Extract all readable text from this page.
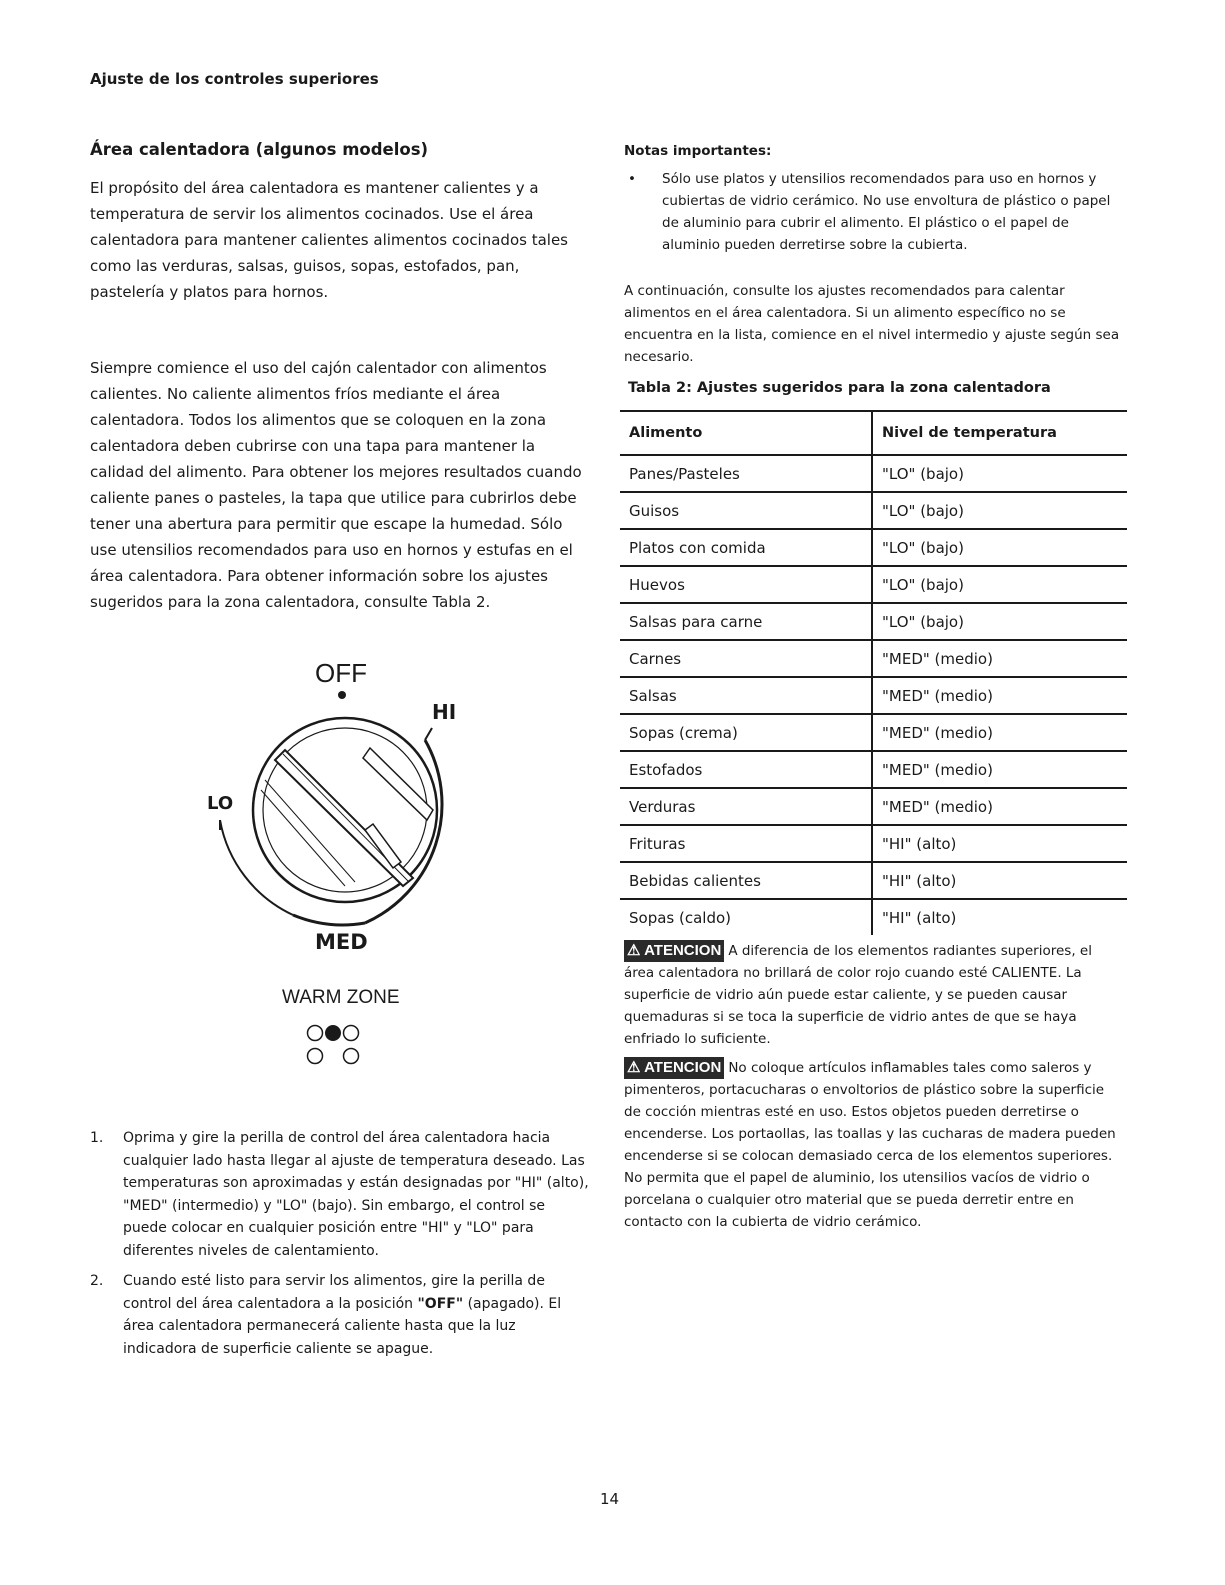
Ajuste de los controles superiores
Área calentadora (algunos modelos)

El propósito del área calentadora es mantener calientes y a temperatura de servir los alimentos cocinados. Use el área calentadora para mantener calientes alimentos cocinados tales como las verduras, salsas, guisos, sopas, estofados, pan, pastelería y platos para hornos.

Siempre comience el uso del cajón calentador con alimentos calientes. No caliente alimentos fríos mediante el área calentadora. Todos los alimentos que se coloquen en la zona calentadora deben cubrirse con una tapa para mantener la calidad del alimento. Para obtener los mejores resultados cuando caliente panes o pasteles, la tapa que utilice para cubrirlos debe tener una abertura para permitir que escape la humedad. Sólo use utensilios recomendados para uso en hornos y estufas en el área calentadora. Para obtener información sobre los ajustes sugeridos para la zona calentadora, consulte Tabla 2.

OFF
HI
LO
MED
WARM ZONE
1.	Oprima y gire la perilla de control del área calentadora hacia cualquier lado hasta llegar al ajuste de temperatura deseado. Las temperaturas son aproximadas y están designadas por "HI" (alto), "MED" (intermedio) y "LO" (bajo). Sin embargo, el control se puede colocar en cualquier posición entre "HI" y "LO" para diferentes niveles de calentamiento.
2.	Cuando esté listo para servir los alimentos, gire la perilla de control del área calentadora a la posición "OFF" (apagado). El área calentadora permanecerá caliente hasta que la luz indicadora de superficie caliente se apague.
Notas importantes:
•	Sólo use platos y utensilios recomendados para uso en hornos y cubiertas de vidrio cerámico. No use envoltura de plástico o papel de aluminio para cubrir el alimento. El plástico o el papel de aluminio pueden derretirse sobre la cubierta.
A continuación, consulte los ajustes recomendados para calentar alimentos en el área calentadora. Si un alimento específico no se encuentra en la lista, comience en el nivel intermedio y ajuste según sea necesario.
Tabla 2: Ajustes sugeridos para la zona calentadora
Alimento	Nivel de temperatura
Panes/Pasteles	"LO" (bajo)
Guisos	"LO" (bajo)
Platos con comida	"LO" (bajo)
Huevos	"LO" (bajo)
Salsas para carne	"LO" (bajo)
Carnes	"MED" (medio)
Salsas	"MED" (medio)
Sopas (crema)	"MED" (medio)
Estofados	"MED" (medio)
Verduras	"MED" (medio)
Frituras	"HI" (alto)
Bebidas calientes	"HI" (alto)
Sopas (caldo)	"HI" (alto)
⚠ ATENCION A diferencia de los elementos radiantes superiores, el área calentadora no brillará de color rojo cuando esté CALIENTE. La superficie de vidrio aún puede estar caliente, y se pueden causar quemaduras si se toca la superficie de vidrio antes de que se haya enfriado lo suficiente.
⚠ ATENCION No coloque artículos inflamables tales como saleros y pimenteros, portacucharas o envoltorios de plástico sobre la superficie de cocción mientras esté en uso. Estos objetos pueden derretirse o encenderse. Los portaollas, las toallas y las cucharas de madera pueden encenderse si se colocan demasiado cerca de los elementos superiores. No permita que el papel de aluminio, los utensilios vacíos de vidrio o porcelana o cualquier otro material que se pueda derretir entre en contacto con la cubierta de vidrio cerámico.
14
